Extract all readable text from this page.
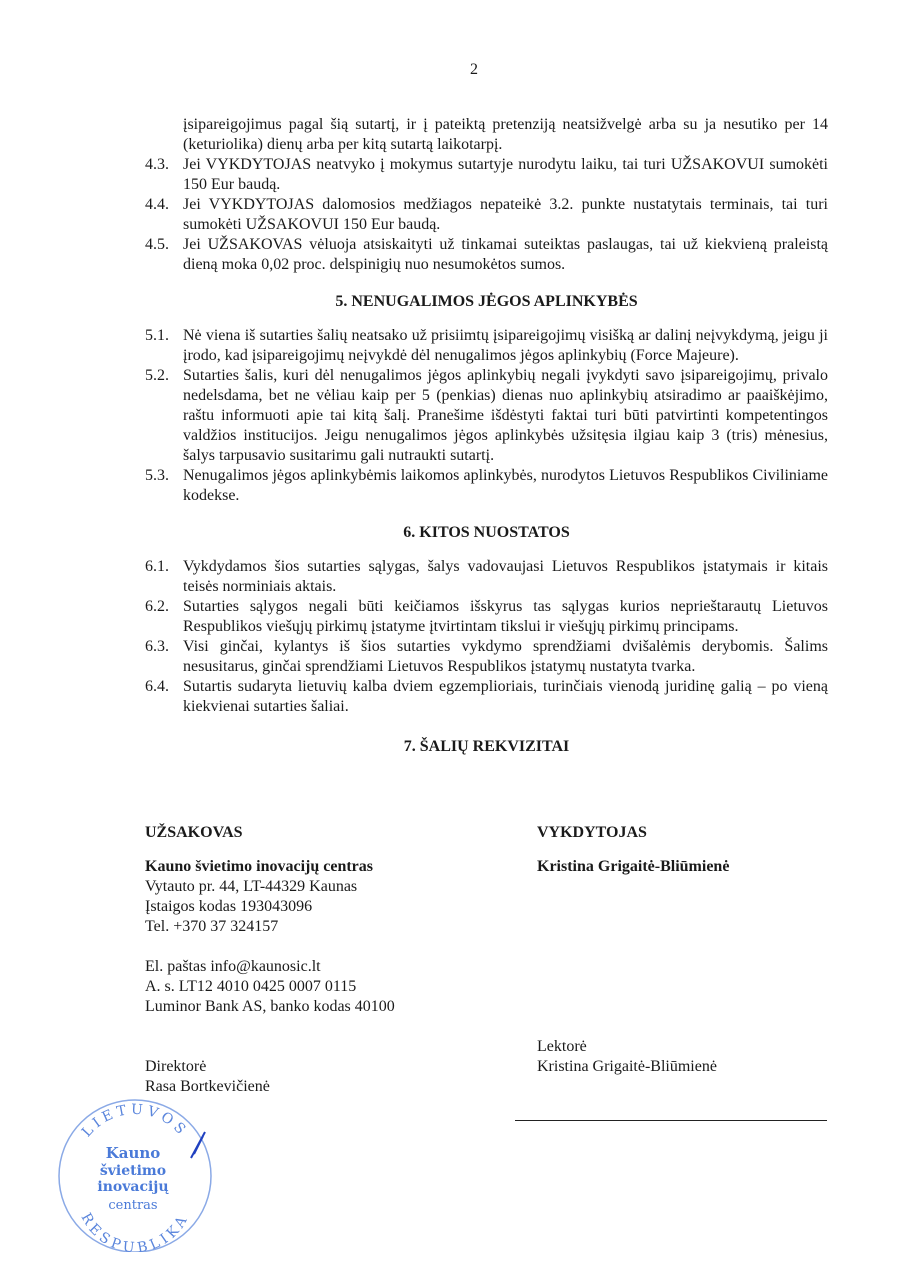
2
įsipareigojimus pagal šią sutartį, ir į pateiktą pretenziją neatsižvelgė arba su ja nesutiko per 14 (keturiolika) dienų arba per kitą sutartą laikotarpį.
4.3. Jei VYKDYTOJAS neatvyko į mokymus sutartyje nurodytu laiku, tai turi UŽSAKOVUI sumokėti 150 Eur baudą.
4.4. Jei VYKDYTOJAS dalomosios medžiagos nepateikė 3.2. punkte nustatytais terminais, tai turi sumokėti UŽSAKOVUI 150 Eur baudą.
4.5. Jei UŽSAKOVAS vėluoja atsiskaityti už tinkamai suteiktas paslaugas, tai už kiekvieną praleistą dieną moka 0,02 proc. delspinigių nuo nesumokėtos sumos.
5. NENUGALIMOS JĖGOS APLINKYBĖS
5.1. Nė viena iš sutarties šalių neatsako už prisiimtų įsipareigojimų visišką ar dalinį neįvykdymą, jeigu ji įrodo, kad įsipareigojimų neįvykdė dėl nenugalimos jėgos aplinkybių (Force Majeure).
5.2. Sutarties šalis, kuri dėl nenugalimos jėgos aplinkybių negali įvykdyti savo įsipareigojimų, privalo nedelsdama, bet ne vėliau kaip per 5 (penkias) dienas nuo aplinkybių atsiradimo ar paaiškėjimo, raštu informuoti apie tai kitą šalį. Pranešime išdėstyti faktai turi būti patvirtinti kompetentingos valdžios institucijos. Jeigu nenugalimos jėgos aplinkybės užsitęsia ilgiau kaip 3 (tris) mėnesius, šalys tarpusavio susitarimu gali nutraukti sutartį.
5.3. Nenugalimos jėgos aplinkybėmis laikomos aplinkybės, nurodytos Lietuvos Respublikos Civiliniame kodekse.
6. KITOS NUOSTATOS
6.1. Vykdydamos šios sutarties sąlygas, šalys vadovaujasi Lietuvos Respublikos įstatymais ir kitais teisės norminiais aktais.
6.2. Sutarties sąlygos negali būti keičiamos išskyrus tas sąlygas kurios neprieštarautų Lietuvos Respublikos viešųjų pirkimų įstatyme įtvirtintam tikslui ir viešųjų pirkimų principams.
6.3. Visi ginčai, kylantys iš šios sutarties vykdymo sprendžiami dvišalėmis derybomis. Šalims nesusitarus, ginčai sprendžiami Lietuvos Respublikos įstatymų nustatyta tvarka.
6.4. Sutartis sudaryta lietuvių kalba dviem egzemplioriais, turinčiais vienodą juridinę galią – po vieną kiekvienai sutarties šaliai.
7. ŠALIŲ REKVIZITAI
UŽSAKOVAS
Kauno švietimo inovacijų centras
Vytauto pr. 44, LT-44329 Kaunas
Įstaigos kodas 193043096
Tel. +370 37 324157
El. paštas info@kaunosic.lt
A. s. LT12 4010 0425 0007 0115
Luminor Bank AS, banko kodas 40100
Direktorė
Rasa Bortkevičienė
VYKDYTOJAS
Kristina Grigaitė-Bliūmienė
Lektorė
Kristina Grigaitė-Bliūmienė
LIETUVOS
RESPUBLIKA
Kauno
švietimo
inovacijų
centras
